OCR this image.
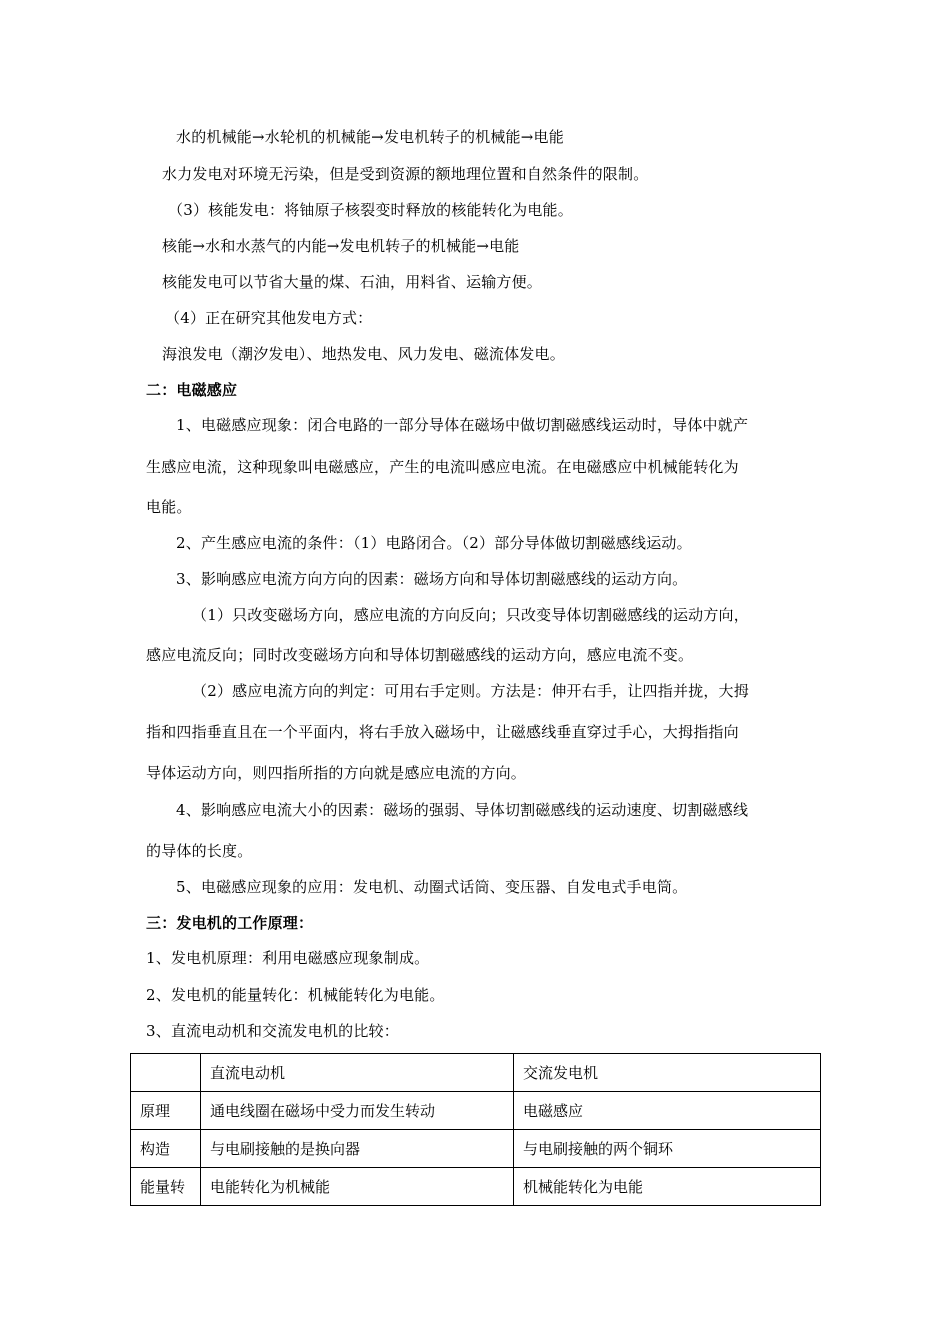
水的机械能→水轮机的机械能→发电机转子的机械能→电能
水力发电对环境无污染，但是受到资源的额地理位置和自然条件的限制。
（3）核能发电：将铀原子核裂变时释放的核能转化为电能。
核能→水和水蒸气的内能→发电机转子的机械能→电能
核能发电可以节省大量的煤、石油，用料省、运输方便。
（4）正在研究其他发电方式：
海浪发电（潮汐发电）、地热发电、风力发电、磁流体发电。
二：电磁感应
1、电磁感应现象：闭合电路的一部分导体在磁场中做切割磁感线运动时，导体中就产
生感应电流，这种现象叫电磁感应，产生的电流叫感应电流。在电磁感应中机械能转化为
电能。
2、产生感应电流的条件：（1）电路闭合。（2）部分导体做切割磁感线运动。
3、影响感应电流方向方向的因素：磁场方向和导体切割磁感线的运动方向。
（1）只改变磁场方向，感应电流的方向反向；只改变导体切割磁感线的运动方向，
感应电流反向；同时改变磁场方向和导体切割磁感线的运动方向，感应电流不变。
（2）感应电流方向的判定：可用右手定则。方法是：伸开右手，让四指并拢，大拇
指和四指垂直且在一个平面内，将右手放入磁场中，让磁感线垂直穿过手心，大拇指指向
导体运动方向，则四指所指的方向就是感应电流的方向。
4、影响感应电流大小的因素：磁场的强弱、导体切割磁感线的运动速度、切割磁感线
的导体的长度。
5、电磁感应现象的应用：发电机、动圈式话筒、变压器、自发电式手电筒。
三：发电机的工作原理：
1、发电机原理：利用电磁感应现象制成。
2、发电机的能量转化：机械能转化为电能。
3、直流电动机和交流发电机的比较：
	直流电动机	交流发电机
原理	通电线圈在磁场中受力而发生转动	电磁感应
构造	与电刷接触的是换向器	与电刷接触的两个铜环
能量转	电能转化为机械能	机械能转化为电能
